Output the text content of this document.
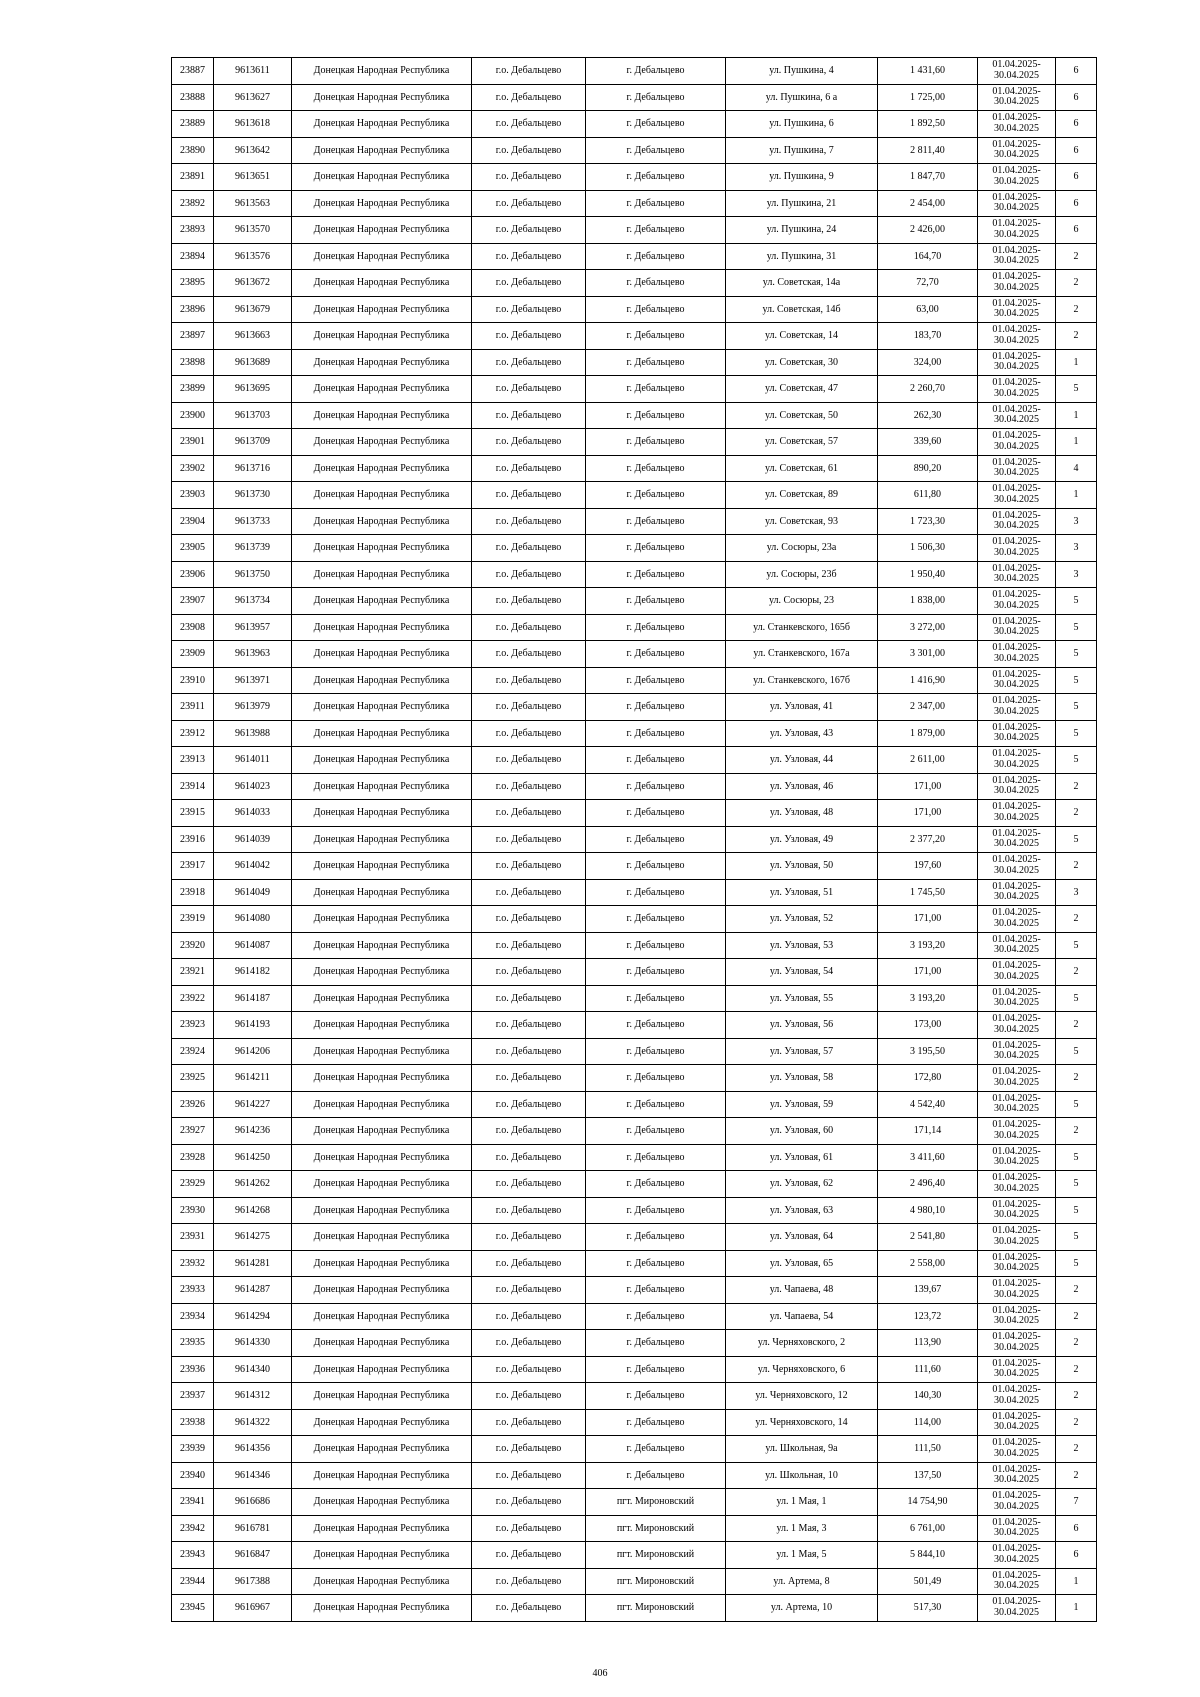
23887	9613611	Донецкая Народная Республика	г.о. Дебальцево	г. Дебальцево	ул. Пушкина, 4	1 431,60	01.04.2025-30.04.2025	6
23888	9613627	Донецкая Народная Республика	г.о. Дебальцево	г. Дебальцево	ул. Пушкина, 6 а	1 725,00	01.04.2025-30.04.2025	6
23889	9613618	Донецкая Народная Республика	г.о. Дебальцево	г. Дебальцево	ул. Пушкина, 6	1 892,50	01.04.2025-30.04.2025	6
23890	9613642	Донецкая Народная Республика	г.о. Дебальцево	г. Дебальцево	ул. Пушкина, 7	2 811,40	01.04.2025-30.04.2025	6
23891	9613651	Донецкая Народная Республика	г.о. Дебальцево	г. Дебальцево	ул. Пушкина, 9	1 847,70	01.04.2025-30.04.2025	6
23892	9613563	Донецкая Народная Республика	г.о. Дебальцево	г. Дебальцево	ул. Пушкина, 21	2 454,00	01.04.2025-30.04.2025	6
23893	9613570	Донецкая Народная Республика	г.о. Дебальцево	г. Дебальцево	ул. Пушкина, 24	2 426,00	01.04.2025-30.04.2025	6
23894	9613576	Донецкая Народная Республика	г.о. Дебальцево	г. Дебальцево	ул. Пушкина, 31	164,70	01.04.2025-30.04.2025	2
23895	9613672	Донецкая Народная Республика	г.о. Дебальцево	г. Дебальцево	ул. Советская, 14а	72,70	01.04.2025-30.04.2025	2
23896	9613679	Донецкая Народная Республика	г.о. Дебальцево	г. Дебальцево	ул. Советская, 14б	63,00	01.04.2025-30.04.2025	2
23897	9613663	Донецкая Народная Республика	г.о. Дебальцево	г. Дебальцево	ул. Советская, 14	183,70	01.04.2025-30.04.2025	2
23898	9613689	Донецкая Народная Республика	г.о. Дебальцево	г. Дебальцево	ул. Советская, 30	324,00	01.04.2025-30.04.2025	1
23899	9613695	Донецкая Народная Республика	г.о. Дебальцево	г. Дебальцево	ул. Советская, 47	2 260,70	01.04.2025-30.04.2025	5
23900	9613703	Донецкая Народная Республика	г.о. Дебальцево	г. Дебальцево	ул. Советская, 50	262,30	01.04.2025-30.04.2025	1
23901	9613709	Донецкая Народная Республика	г.о. Дебальцево	г. Дебальцево	ул. Советская, 57	339,60	01.04.2025-30.04.2025	1
23902	9613716	Донецкая Народная Республика	г.о. Дебальцево	г. Дебальцево	ул. Советская, 61	890,20	01.04.2025-30.04.2025	4
23903	9613730	Донецкая Народная Республика	г.о. Дебальцево	г. Дебальцево	ул. Советская, 89	611,80	01.04.2025-30.04.2025	1
23904	9613733	Донецкая Народная Республика	г.о. Дебальцево	г. Дебальцево	ул. Советская, 93	1 723,30	01.04.2025-30.04.2025	3
23905	9613739	Донецкая Народная Республика	г.о. Дебальцево	г. Дебальцево	ул. Сосюры, 23а	1 506,30	01.04.2025-30.04.2025	3
23906	9613750	Донецкая Народная Республика	г.о. Дебальцево	г. Дебальцево	ул. Сосюры, 23б	1 950,40	01.04.2025-30.04.2025	3
23907	9613734	Донецкая Народная Республика	г.о. Дебальцево	г. Дебальцево	ул. Сосюры, 23	1 838,00	01.04.2025-30.04.2025	5
23908	9613957	Донецкая Народная Республика	г.о. Дебальцево	г. Дебальцево	ул. Станкевского, 165б	3 272,00	01.04.2025-30.04.2025	5
23909	9613963	Донецкая Народная Республика	г.о. Дебальцево	г. Дебальцево	ул. Станкевского, 167а	3 301,00	01.04.2025-30.04.2025	5
23910	9613971	Донецкая Народная Республика	г.о. Дебальцево	г. Дебальцево	ул. Станкевского, 167б	1 416,90	01.04.2025-30.04.2025	5
23911	9613979	Донецкая Народная Республика	г.о. Дебальцево	г. Дебальцево	ул. Узловая, 41	2 347,00	01.04.2025-30.04.2025	5
23912	9613988	Донецкая Народная Республика	г.о. Дебальцево	г. Дебальцево	ул. Узловая, 43	1 879,00	01.04.2025-30.04.2025	5
23913	9614011	Донецкая Народная Республика	г.о. Дебальцево	г. Дебальцево	ул. Узловая, 44	2 611,00	01.04.2025-30.04.2025	5
23914	9614023	Донецкая Народная Республика	г.о. Дебальцево	г. Дебальцево	ул. Узловая, 46	171,00	01.04.2025-30.04.2025	2
23915	9614033	Донецкая Народная Республика	г.о. Дебальцево	г. Дебальцево	ул. Узловая, 48	171,00	01.04.2025-30.04.2025	2
23916	9614039	Донецкая Народная Республика	г.о. Дебальцево	г. Дебальцево	ул. Узловая, 49	2 377,20	01.04.2025-30.04.2025	5
23917	9614042	Донецкая Народная Республика	г.о. Дебальцево	г. Дебальцево	ул. Узловая, 50	197,60	01.04.2025-30.04.2025	2
23918	9614049	Донецкая Народная Республика	г.о. Дебальцево	г. Дебальцево	ул. Узловая, 51	1 745,50	01.04.2025-30.04.2025	3
23919	9614080	Донецкая Народная Республика	г.о. Дебальцево	г. Дебальцево	ул. Узловая, 52	171,00	01.04.2025-30.04.2025	2
23920	9614087	Донецкая Народная Республика	г.о. Дебальцево	г. Дебальцево	ул. Узловая, 53	3 193,20	01.04.2025-30.04.2025	5
23921	9614182	Донецкая Народная Республика	г.о. Дебальцево	г. Дебальцево	ул. Узловая, 54	171,00	01.04.2025-30.04.2025	2
23922	9614187	Донецкая Народная Республика	г.о. Дебальцево	г. Дебальцево	ул. Узловая, 55	3 193,20	01.04.2025-30.04.2025	5
23923	9614193	Донецкая Народная Республика	г.о. Дебальцево	г. Дебальцево	ул. Узловая, 56	173,00	01.04.2025-30.04.2025	2
23924	9614206	Донецкая Народная Республика	г.о. Дебальцево	г. Дебальцево	ул. Узловая, 57	3 195,50	01.04.2025-30.04.2025	5
23925	9614211	Донецкая Народная Республика	г.о. Дебальцево	г. Дебальцево	ул. Узловая, 58	172,80	01.04.2025-30.04.2025	2
23926	9614227	Донецкая Народная Республика	г.о. Дебальцево	г. Дебальцево	ул. Узловая, 59	4 542,40	01.04.2025-30.04.2025	5
23927	9614236	Донецкая Народная Республика	г.о. Дебальцево	г. Дебальцево	ул. Узловая, 60	171,14	01.04.2025-30.04.2025	2
23928	9614250	Донецкая Народная Республика	г.о. Дебальцево	г. Дебальцево	ул. Узловая, 61	3 411,60	01.04.2025-30.04.2025	5
23929	9614262	Донецкая Народная Республика	г.о. Дебальцево	г. Дебальцево	ул. Узловая, 62	2 496,40	01.04.2025-30.04.2025	5
23930	9614268	Донецкая Народная Республика	г.о. Дебальцево	г. Дебальцево	ул. Узловая, 63	4 980,10	01.04.2025-30.04.2025	5
23931	9614275	Донецкая Народная Республика	г.о. Дебальцево	г. Дебальцево	ул. Узловая, 64	2 541,80	01.04.2025-30.04.2025	5
23932	9614281	Донецкая Народная Республика	г.о. Дебальцево	г. Дебальцево	ул. Узловая, 65	2 558,00	01.04.2025-30.04.2025	5
23933	9614287	Донецкая Народная Республика	г.о. Дебальцево	г. Дебальцево	ул. Чапаева, 48	139,67	01.04.2025-30.04.2025	2
23934	9614294	Донецкая Народная Республика	г.о. Дебальцево	г. Дебальцево	ул. Чапаева, 54	123,72	01.04.2025-30.04.2025	2
23935	9614330	Донецкая Народная Республика	г.о. Дебальцево	г. Дебальцево	ул. Черняховского, 2	113,90	01.04.2025-30.04.2025	2
23936	9614340	Донецкая Народная Республика	г.о. Дебальцево	г. Дебальцево	ул. Черняховского, 6	111,60	01.04.2025-30.04.2025	2
23937	9614312	Донецкая Народная Республика	г.о. Дебальцево	г. Дебальцево	ул. Черняховского, 12	140,30	01.04.2025-30.04.2025	2
23938	9614322	Донецкая Народная Республика	г.о. Дебальцево	г. Дебальцево	ул. Черняховского, 14	114,00	01.04.2025-30.04.2025	2
23939	9614356	Донецкая Народная Республика	г.о. Дебальцево	г. Дебальцево	ул. Школьная, 9а	111,50	01.04.2025-30.04.2025	2
23940	9614346	Донецкая Народная Республика	г.о. Дебальцево	г. Дебальцево	ул. Школьная, 10	137,50	01.04.2025-30.04.2025	2
23941	9616686	Донецкая Народная Республика	г.о. Дебальцево	пгт. Мироновский	ул. 1 Мая, 1	14 754,90	01.04.2025-30.04.2025	7
23942	9616781	Донецкая Народная Республика	г.о. Дебальцево	пгт. Мироновский	ул. 1 Мая, 3	6 761,00	01.04.2025-30.04.2025	6
23943	9616847	Донецкая Народная Республика	г.о. Дебальцево	пгт. Мироновский	ул. 1 Мая, 5	5 844,10	01.04.2025-30.04.2025	6
23944	9617388	Донецкая Народная Республика	г.о. Дебальцево	пгт. Мироновский	ул. Артема, 8	501,49	01.04.2025-30.04.2025	1
23945	9616967	Донецкая Народная Республика	г.о. Дебальцево	пгт. Мироновский	ул. Артема, 10	517,30	01.04.2025-30.04.2025	1
406
